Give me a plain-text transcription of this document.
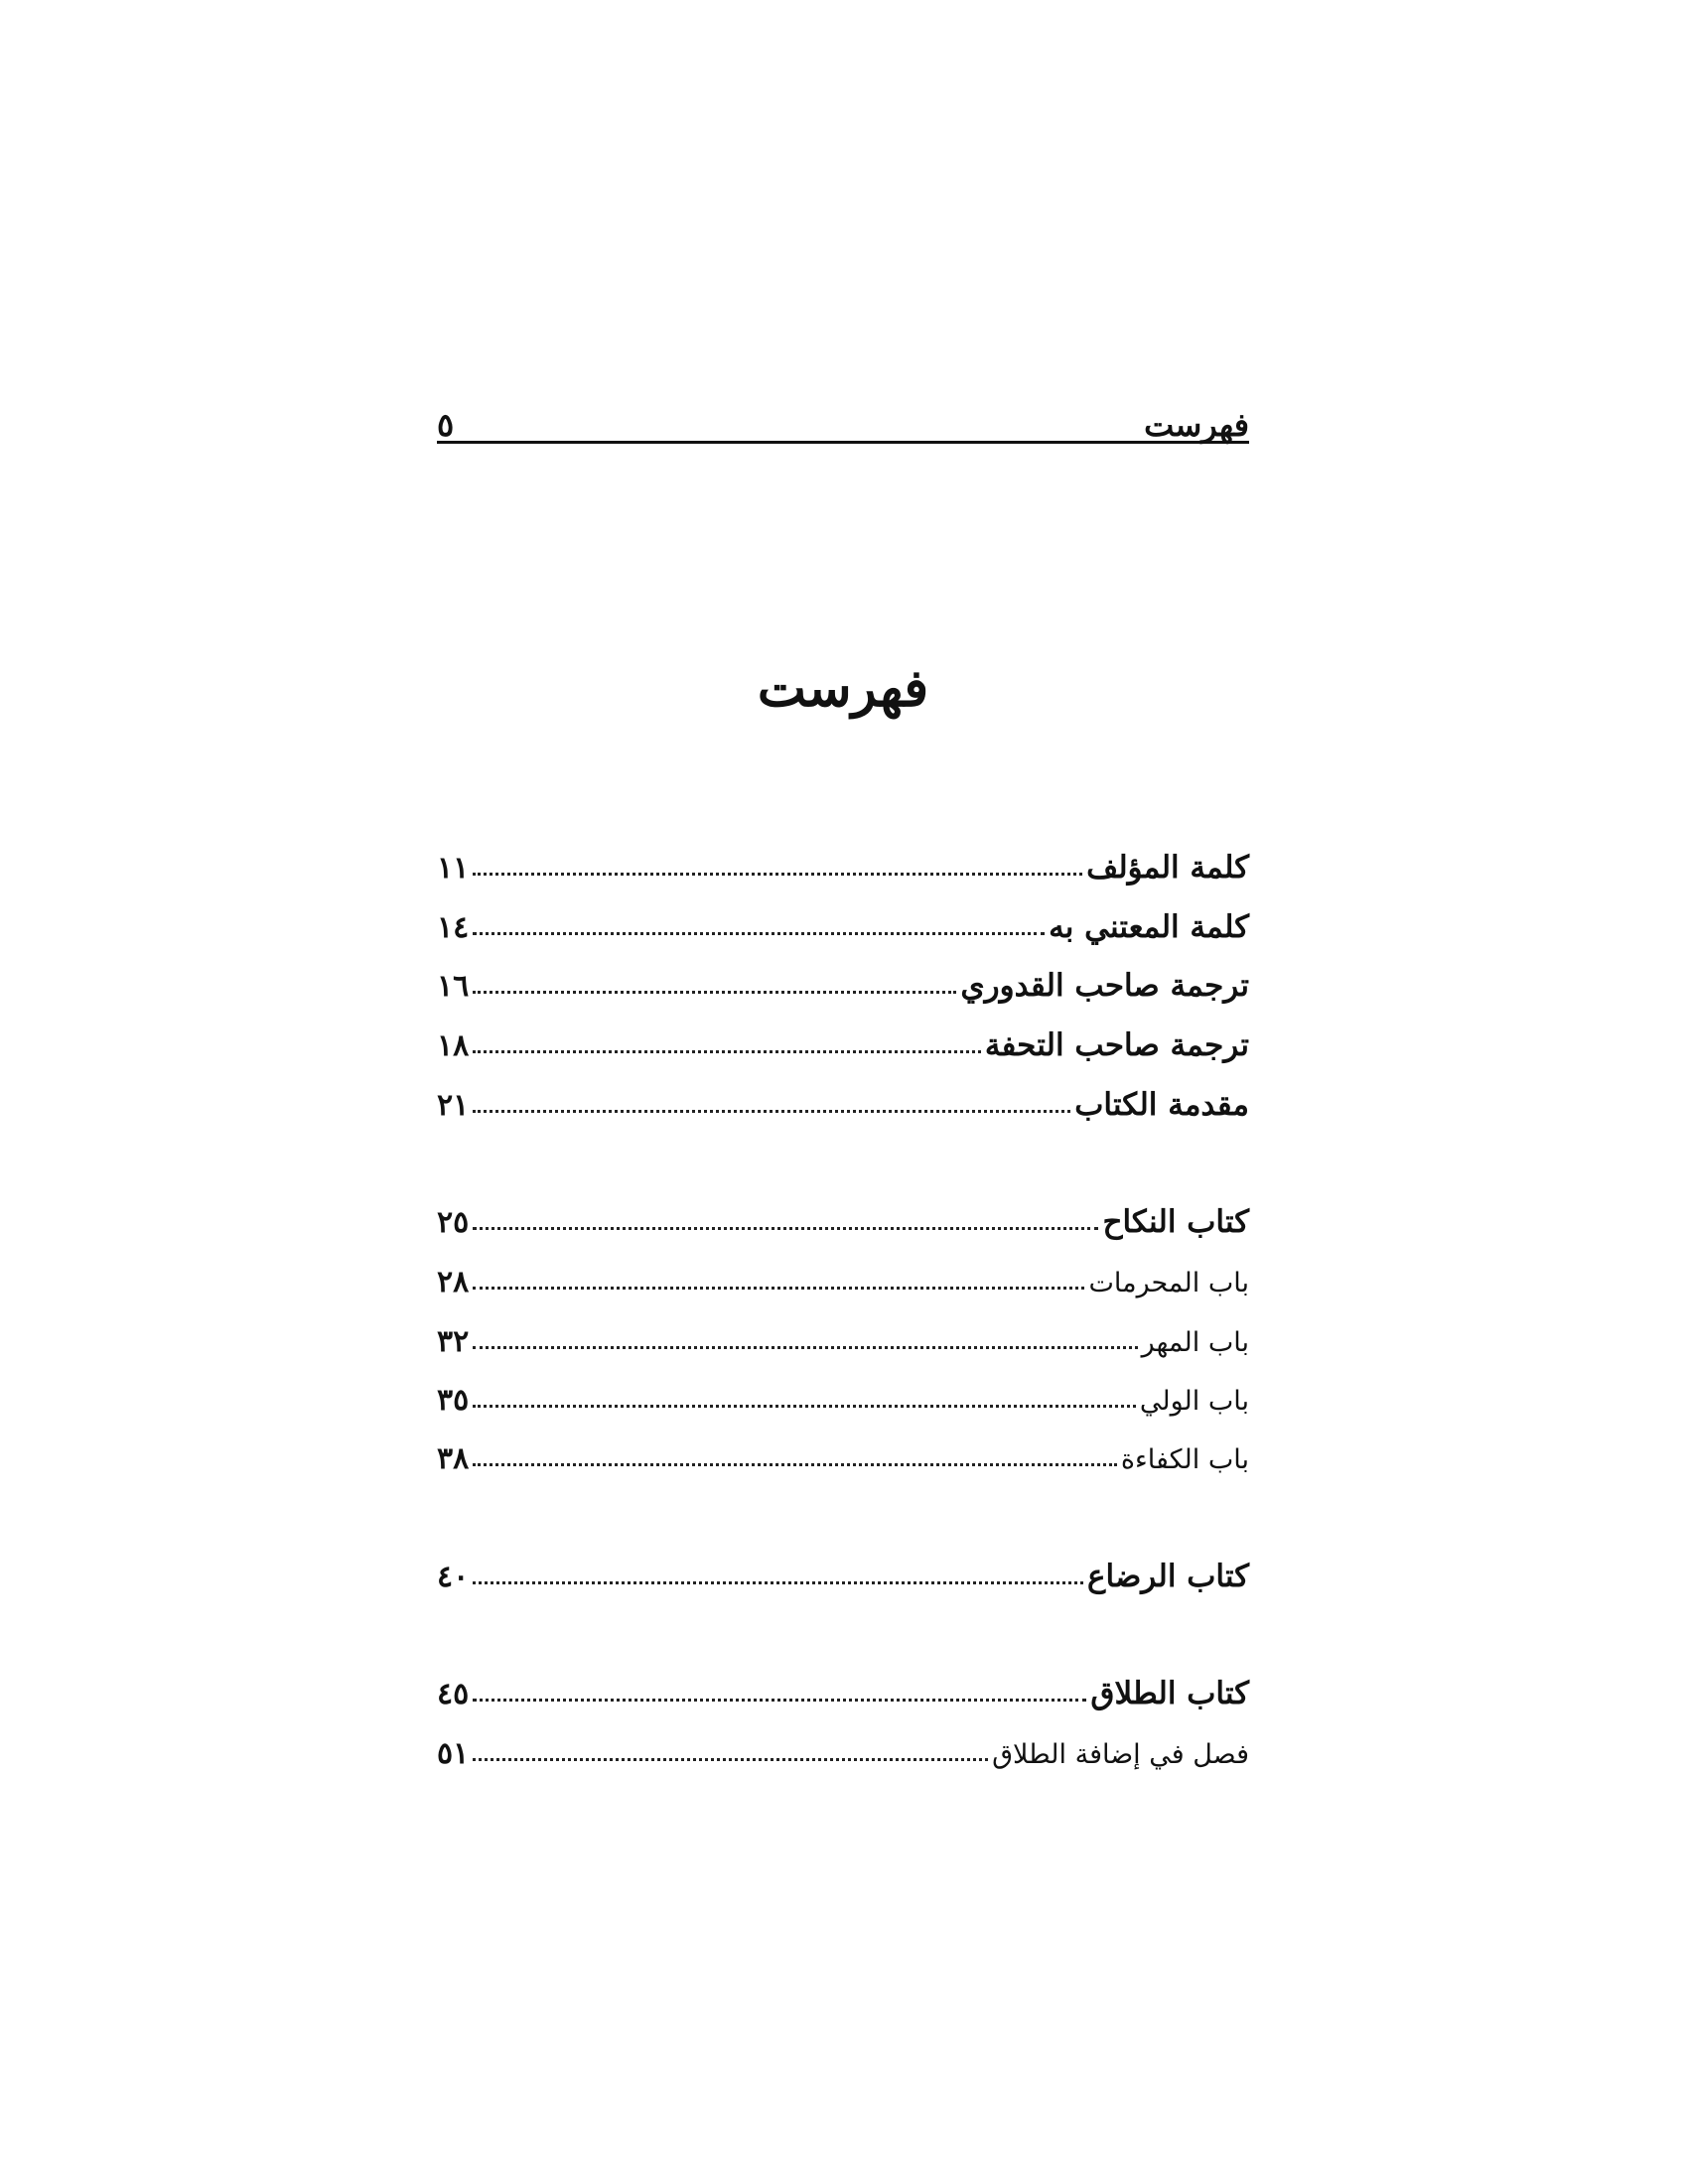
فهرست
٥
فهرست
كلمة المؤلف
١١
كلمة المعتني به
١٤
ترجمة صاحب القدوري
١٦
ترجمة صاحب التحفة
١٨
مقدمة الكتاب
٢١
كتاب النكاح
٢٥
باب المحرمات
٢٨
باب المهر
٣٢
باب الولي
٣٥
باب الكفاءة
٣٨
كتاب الرضاع
٤٠
كتاب الطلاق
٤٥
فصل في إضافة الطلاق
٥١
